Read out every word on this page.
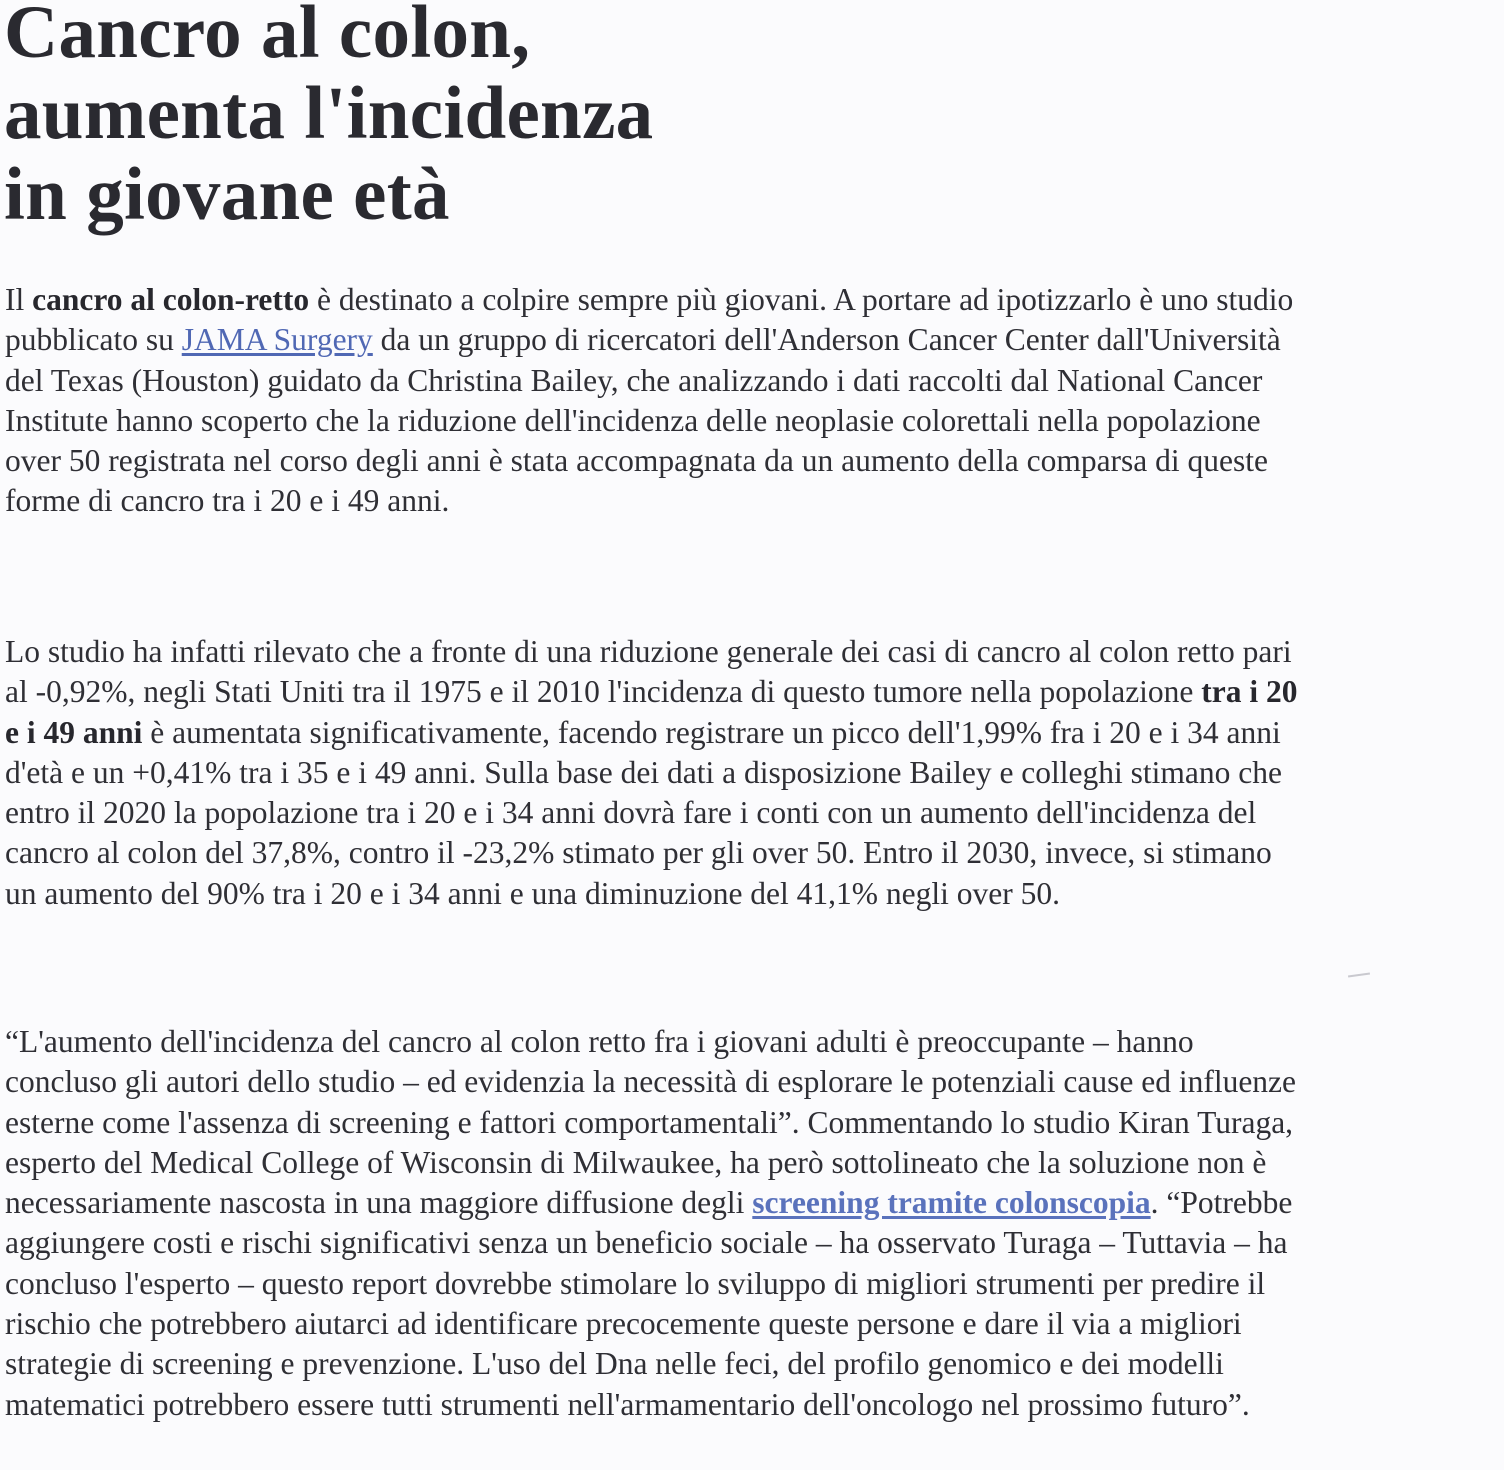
Cancro al colon,
aumenta l'incidenza
in giovane età

Il cancro al colon-retto è destinato a colpire sempre più giovani. A portare ad ipotizzarlo è uno studio
pubblicato su JAMA Surgery da un gruppo di ricercatori dell'Anderson Cancer Center dall'Università
del Texas (Houston) guidato da Christina Bailey, che analizzando i dati raccolti dal National Cancer
Institute hanno scoperto che la riduzione dell'incidenza delle neoplasie colorettali nella popolazione
over 50 registrata nel corso degli anni è stata accompagnata da un aumento della comparsa di queste
forme di cancro tra i 20 e i 49 anni.

Lo studio ha infatti rilevato che a fronte di una riduzione generale dei casi di cancro al colon retto pari
al -0,92%, negli Stati Uniti tra il 1975 e il 2010 l'incidenza di questo tumore nella popolazione tra i 20
e i 49 anni è aumentata significativamente, facendo registrare un picco dell'1,99% fra i 20 e i 34 anni
d'età e un +0,41% tra i 35 e i 49 anni. Sulla base dei dati a disposizione Bailey e colleghi stimano che
entro il 2020 la popolazione tra i 20 e i 34 anni dovrà fare i conti con un aumento dell'incidenza del
cancro al colon del 37,8%, contro il -23,2% stimato per gli over 50. Entro il 2030, invece, si stimano
un aumento del 90% tra i 20 e i 34 anni e una diminuzione del 41,1% negli over 50.

“L'aumento dell'incidenza del cancro al colon retto fra i giovani adulti è preoccupante – hanno
concluso gli autori dello studio – ed evidenzia la necessità di esplorare le potenziali cause ed influenze
esterne come l'assenza di screening e fattori comportamentali”. Commentando lo studio Kiran Turaga,
esperto del Medical College of Wisconsin di Milwaukee, ha però sottolineato che la soluzione non è
necessariamente nascosta in una maggiore diffusione degli screening tramite colonscopia. “Potrebbe
aggiungere costi e rischi significativi senza un beneficio sociale – ha osservato Turaga – Tuttavia – ha
concluso l'esperto – questo report dovrebbe stimolare lo sviluppo di migliori strumenti per predire il
rischio che potrebbero aiutarci ad identificare precocemente queste persone e dare il via a migliori
strategie di screening e prevenzione. L'uso del Dna nelle feci, del profilo genomico e dei modelli
matematici potrebbero essere tutti strumenti nell'armamentario dell'oncologo nel prossimo futuro”.
